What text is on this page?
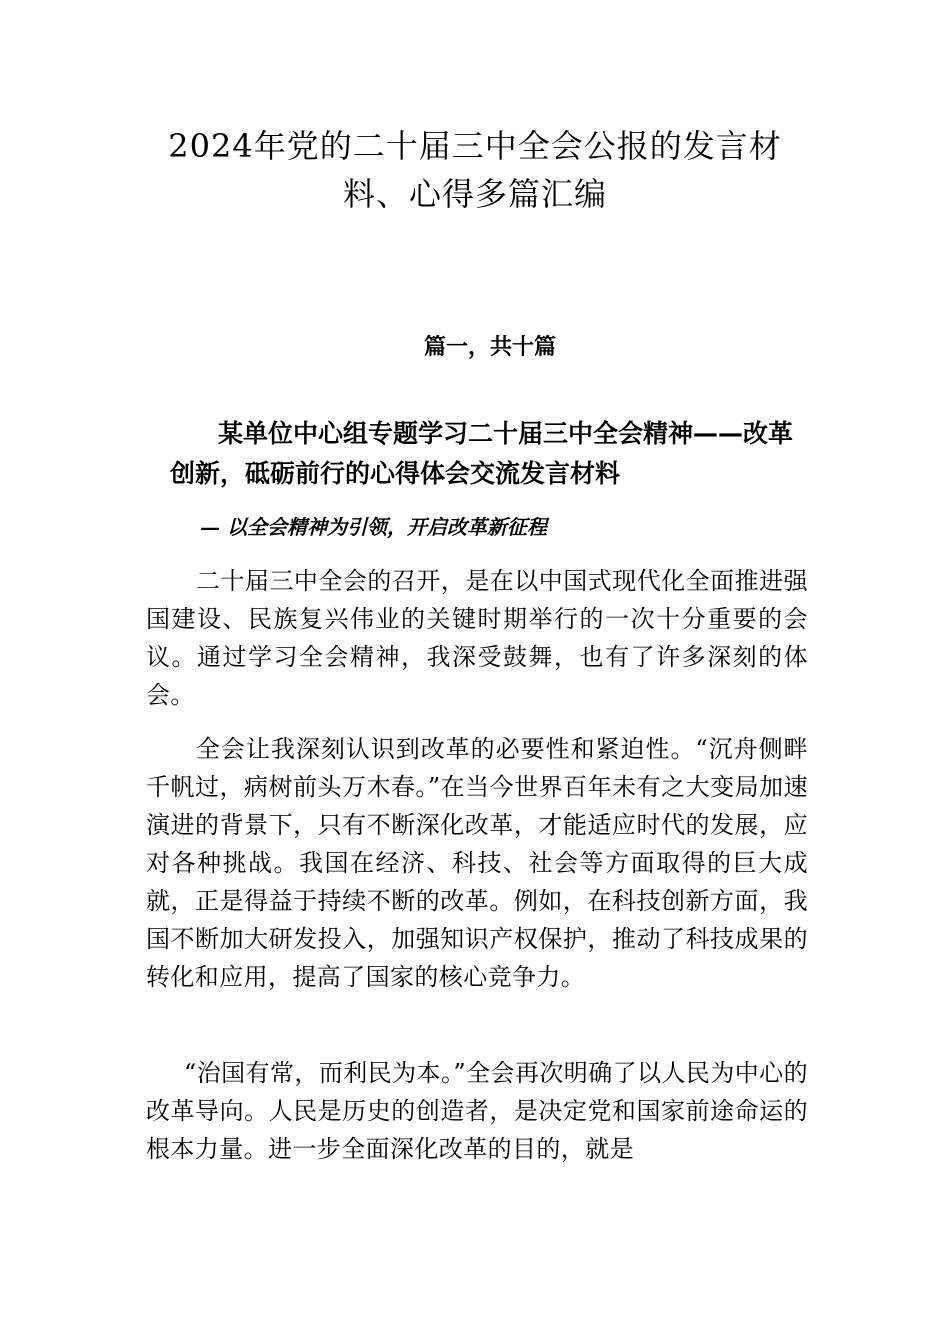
2024年党的二十届三中全会公报的发言材料、心得多篇汇编
篇一，共十篇
某单位中心组专题学习二十届三中全会精神——改革创新，砥砺前行的心得体会交流发言材料
— 以全会精神为引领，开启改革新征程

二十届三中全会的召开，是在以中国式现代化全面推进强国建设、民族复兴伟业的关键时期举行的一次十分重要的会议。通过学习全会精神，我深受鼓舞，也有了许多深刻的体会。

全会让我深刻认识到改革的必要性和紧迫性。“沉舟侧畔千帆过，病树前头万木春。”在当今世界百年未有之大变局加速演进的背景下，只有不断深化改革，才能适应时代的发展，应对各种挑战。我国在经济、科技、社会等方面取得的巨大成就，正是得益于持续不断的改革。例如，在科技创新方面，我国不断加大研发投入，加强知识产权保护，推动了科技成果的转化和应用，提高了国家的核心竞争力。

“治国有常，而利民为本。”全会再次明确了以人民为中心的改革导向。人民是历史的创造者，是决定党和国家前途命运的根本力量。进一步全面深化改革的目的，就是
